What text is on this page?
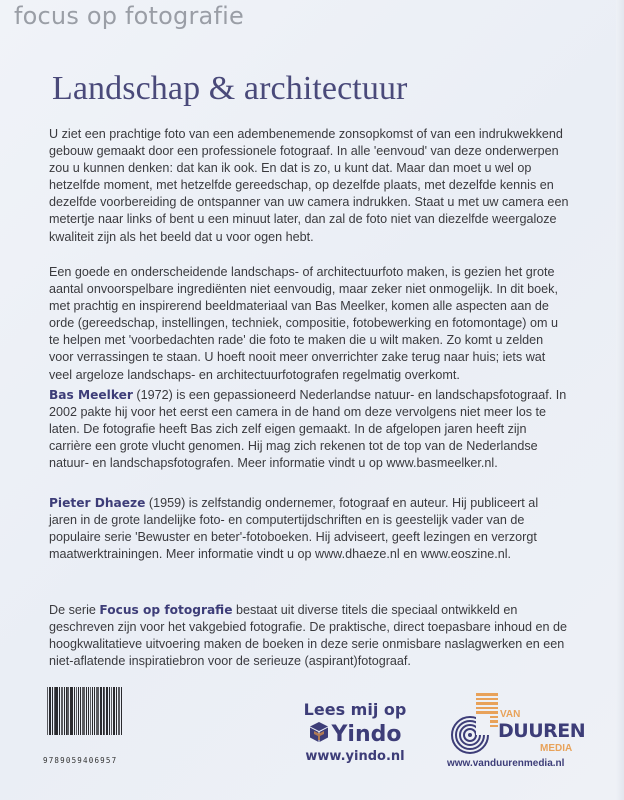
focus op fotografie
Landschap & architectuur

U ziet een prachtige foto van een adembenemende zonsopkomst of van een indrukwekkend gebouw gemaakt door een professionele fotograaf. In alle 'eenvoud' van deze onderwerpen zou u kunnen denken: dat kan ik ook. En dat is zo, u kunt dat. Maar dan moet u wel op hetzelfde moment, met hetzelfde gereedschap, op dezelfde plaats, met dezelfde kennis en dezelfde voorbereiding de ontspanner van uw camera indrukken. Staat u met uw camera een metertje naar links of bent u een minuut later, dan zal de foto niet van diezelfde weergaloze kwaliteit zijn als het beeld dat u voor ogen hebt.

Een goede en onderscheidende landschaps- of architectuurfoto maken, is gezien het grote aantal onvoorspelbare ingrediënten niet eenvoudig, maar zeker niet onmogelijk. In dit boek, met prachtig en inspirerend beeldmateriaal van Bas Meelker, komen alle aspecten aan de orde (gereedschap, instellingen, techniek, compositie, fotobewerking en fotomontage) om u te helpen met 'voorbedachten rade' die foto te maken die u wilt maken. Zo komt u zelden voor verrassingen te staan. U hoeft nooit meer onverrichter zake terug naar huis; iets wat veel argeloze landschaps- en architectuurfotografen regelmatig overkomt.

Bas Meelker (1972) is een gepassioneerd Nederlandse natuur- en landschapsfotograaf. In 2002 pakte hij voor het eerst een camera in de hand om deze vervolgens niet meer los te laten. De fotografie heeft Bas zich zelf eigen gemaakt. In de afgelopen jaren heeft zijn carrière een grote vlucht genomen. Hij mag zich rekenen tot de top van de Nederlandse natuur- en landschapsfotografen. Meer informatie vindt u op www.basmeelker.nl.

Pieter Dhaeze (1959) is zelfstandig ondernemer, fotograaf en auteur. Hij publiceert al jaren in de grote landelijke foto- en computertijdschriften en is geestelijk vader van de populaire serie 'Bewuster en beter'-fotoboeken. Hij adviseert, geeft lezingen en verzorgt maatwerktrainingen. Meer informatie vindt u op www.dhaeze.nl en www.eoszine.nl.

De serie Focus op fotografie bestaat uit diverse titels die speciaal ontwikkeld en geschreven zijn voor het vakgebied fotografie. De praktische, direct toepasbare inhoud en de hoogkwalitatieve uitvoering maken de boeken in deze serie onmisbare naslagwerken en een niet-aflatende inspiratiebron voor de serieuze (aspirant)fotograaf.

9789059406957
Lees mij op
Yindo
www.yindo.nl
VAN
DUUREN
MEDIA
www.vanduurenmedia.nl
